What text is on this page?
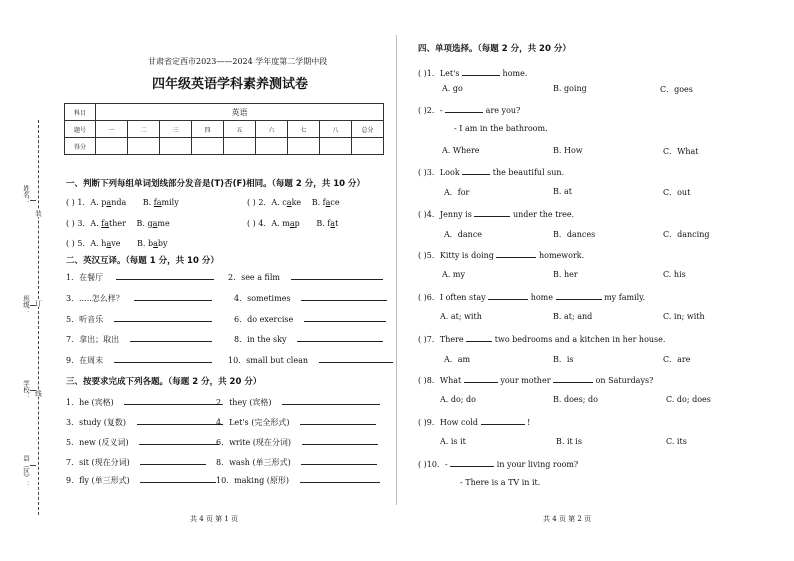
姓名：
班级：
学校：
县（区）：
装
订
线
甘肃省定西市2023——2024 学年度第二学期中段
四年级英语学科素养测试卷
科目	英语								
题号	一	二	三	四	五	六	七	八	总分
得分									
一、判断下列每组单词划线部分发音是(T)否(F)相同。（每题 2 分，共 10 分）
( ) 1．A. panda B. family	( ) 2．A. cake B. face
( ) 3．A. father B. game	( ) 4．A. map B. fat
( ) 5．A. have B. baby
二、英汉互译。（每题 1 分，共 10 分）
1．在餐厅	2．see a film
3．.....怎么样？	4．sometimes
5．听音乐	6．do exercise
7．拿出；取出	8．in the sky
9．在周末	10．small but clean
三、按要求完成下列各题。（每题 2 分，共 20 分）
1．he (宾格)	2．they (宾格)
3．study (复数)	4．Let's (完全形式)
5．new (反义词)	6．write (现在分词)
7．sit (现在分词)	8．wash (单三形式)
9．fly (单三形式)	10．making (原形)
共 4 页 第 1 页
四、单项选择。（每题 2 分，共 20 分）
( )1．Let's	home.
A. go	B. going	C．goes
( )2．-	are you?
- I am in the bathroom.
A. Where	B. How	C．What
( )3．Look	the beautiful sun.
A．for	B. at	C．out
( )4．Jenny is	under the tree.
A．dance	B．dances	C．dancing
( )5．Kitty is doing	homework.
A. my	B. her	C. his
( )6．I often stay	home	my family.
A. at; with	B. at; and	C. in; with
( )7．There	two bedrooms and a kitchen in her house.
A．am	B．is	C．are
( )8．What	your mother	on Saturdays?
A. do; do	B. does; do	C. do; does
( )9．How cold	!
A. is it	B. it is	C. its
( )10．-	in your living room?
- There is a TV in it.
共 4 页 第 2 页
